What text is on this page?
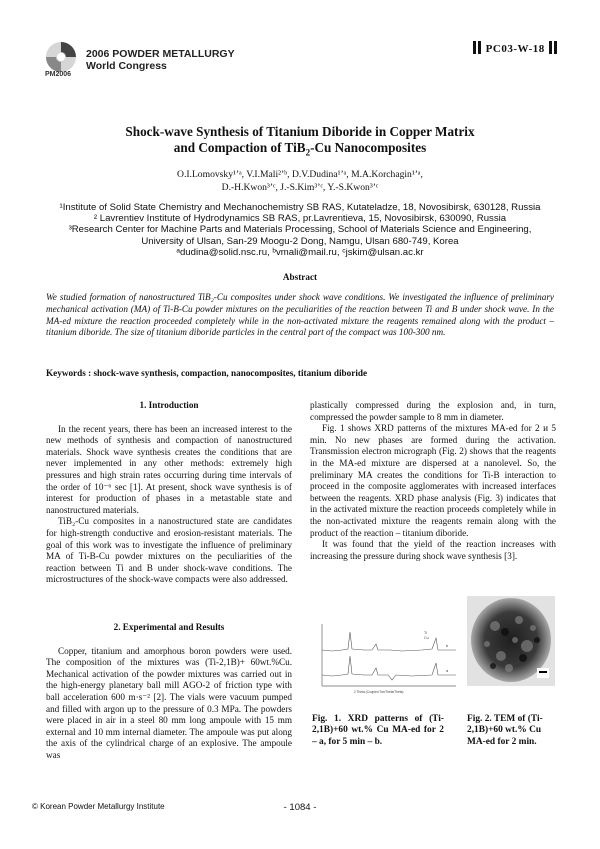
PM2006
2006 POWDER METALLURGY
World Congress
PC03-W-18
Shock-wave Synthesis of Titanium Diboride in Copper Matrix
and Compaction of TiB$_2$-Cu Nanocomposites
O.I.Lomovsky¹ʼᵃ, V.I.Mali²ʼᵇ, D.V.Dudina¹ʼᵃ, M.A.Korchagin¹ʼᵃ,
D.-H.Kwon³ʼᶜ, J.-S.Kim³ʼᶜ, Y.-S.Kwon³ʼᶜ
¹Institute of Solid State Chemistry and Mechanochemistry SB RAS, Kutateladze, 18, Novosibirsk, 630128, Russia
² Lavrentiev Institute of Hydrodynamics SB RAS, pr.Lavrentieva, 15, Novosibirsk, 630090, Russia
³Research Center for Machine Parts and Materials Processing, School of Materials Science and Engineering,
University of Ulsan, San-29 Moogu-2 Dong, Namgu, Ulsan 680-749, Korea
ᵃdudina@solid.nsc.ru, ᵇvmali@mail.ru, ᶜjskim@ulsan.ac.kr
Abstract
We studied formation of nanostructured TiB₂-Cu composites under shock wave conditions. We investigated the influence of preliminary mechanical activation (MA) of Ti-B-Cu powder mixtures on the peculiarities of the reaction between Ti and B under shock wave. In the MA-ed mixture the reaction proceeded completely while in the non-activated mixture the reagents remained along with the product – titanium diboride. The size of titanium diboride particles in the central part of the compact was 100-300 nm.
Keywords : shock-wave synthesis, compaction, nanocomposites, titanium diboride
1. Introduction

In the recent years, there has been an increased interest to the new methods of synthesis and compaction of nanostructured materials. Shock wave synthesis creates the conditions that are never implemented in any other methods: extremely high pressures and high strain rates occurring during time intervals of the order of 10⁻⁶ sec [1]. At present, shock wave synthesis is of interest for production of phases in a metastable state and nanostructured materials.

TiB₂-Cu composites in a nanostructured state are candidates for high-strength conductive and erosion-resistant materials. The goal of this work was to investigate the influence of preliminary MA of Ti-B-Cu powder mixtures on the peculiarities of the reaction between Ti and B under shock-wave conditions. The microstructures of the shock-wave compacts were also addressed.

2. Experimental and Results

Copper, titanium and amorphous boron powders were used. The composition of the mixtures was (Ti-2,1B)+ 60wt.%Cu. Mechanical activation of the powder mixtures was carried out in the high-energy planetary ball mill AGO-2 of friction type with ball acceleration 600 m·s⁻² [2]. The vials were vacuum pumped and filled with argon up to the pressure of 0.3 MPa. The powders were placed in air in a steel 80 mm long ampoule with 15 mm external and 10 mm internal diameter. The ampoule was put along the axis of the cylindrical charge of an explosive. The ampoule was

plastically compressed during the explosion and, in turn, compressed the powder sample to 8 mm in diameter.

Fig. 1 shows XRD patterns of the mixtures MA-ed for 2 и 5 min. No new phases are formed during the activation. Transmission electron micrograph (Fig. 2) shows that the reagents in the MA-ed mixture are dispersed at a nanolevel. So, the preliminary MA creates the conditions for Ti-B interaction to proceed in the composite agglomerates with increased interfaces between the reagents. XRD phase analysis (Fig. 3) indicates that in the activated mixture the reaction proceeds completely while in the non-activated mixture the reagents remain along with the product of the reaction – titanium diboride.

It was found that the yield of the reaction increases with increasing the pressure during shock wave synthesis [3].

Ti
Cu
b
a
2 Theta (Coupled TwoTheta/Theta)
Fig. 1. XRD patterns of (Ti-2,1B)+60 wt.% Cu MA-ed for 2 – a, for 5 min – b.
Fig. 2. TEM of (Ti-2,1B)+60 wt.% Cu MA-ed for 2 min.
© Korean Powder Metallurgy Institute	- 1084 -
